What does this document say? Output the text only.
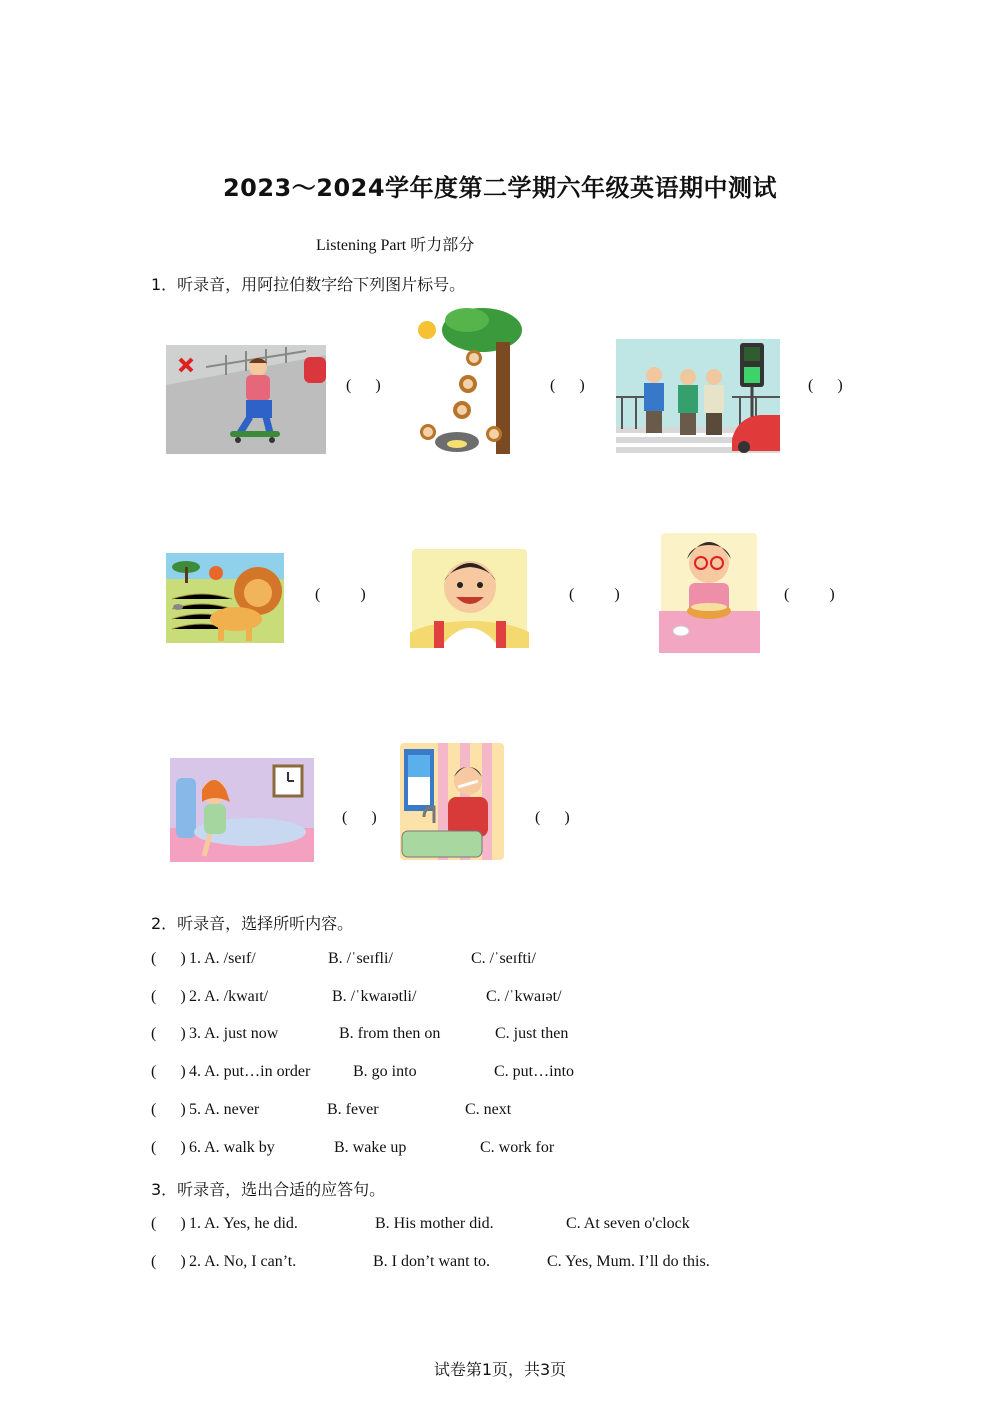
2023～2024学年度第二学期六年级英语期中测试
Listening Part 听力部分
1．听录音，用阿拉伯数字给下列图片标号。
(      )	(      )	(      )
(          )	(          )	(          )
(      )	(      )
2．听录音，选择所听内容。
(      ) 1. A. /seɪf/	B. /ˈseɪfli/	C. /ˈseɪfti/
(      ) 2. A. /kwaɪt/	B. /ˈkwaɪətli/	C. /ˈkwaɪət/
(      ) 3. A. just now	B. from then on	C. just then
(      ) 4. A. put…in order	B. go into	C. put…into
(      ) 5. A. never	B. fever	C. next
(      ) 6. A. walk by	B. wake up	C. work for
3．听录音，选出合适的应答句。
(      ) 1. A. Yes, he did.	B. His mother did.	C. At seven o'clock
(      ) 2. A. No, I can’t.	B. I don’t want to.	C. Yes, Mum. I’ll do this.
试卷第1页，共3页
